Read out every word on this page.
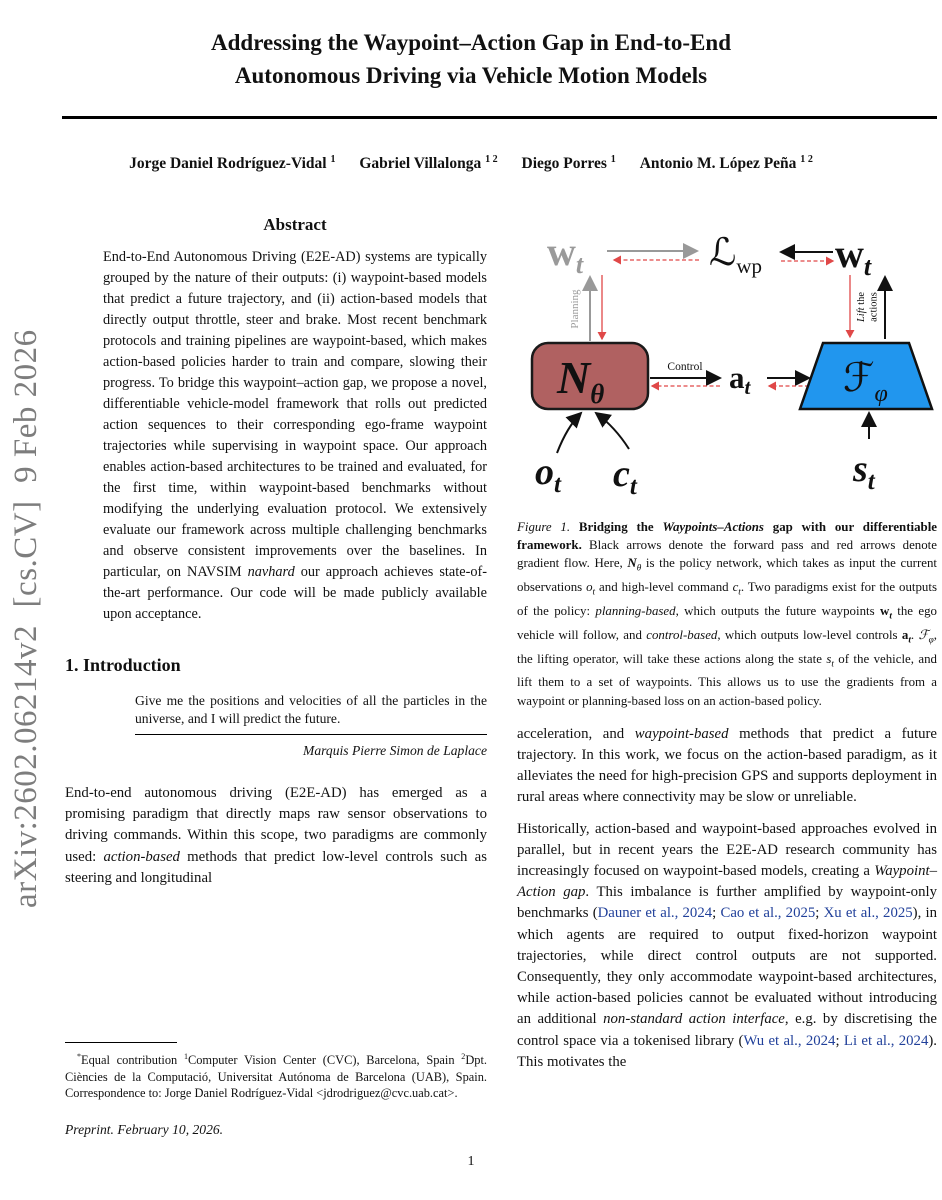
arXiv:2602.06214v2  [cs.CV]  9 Feb 2026
Addressing the Waypoint–Action Gap in End-to-End
Autonomous Driving via Vehicle Motion Models
Jorge Daniel Rodríguez-Vidal $^1$ Gabriel Villalonga $^{1 2}$ Diego Porres $^1$ Antonio M. López Peña $^{1 2}$
Abstract
End-to-End Autonomous Driving (E2E-AD) systems are typically grouped by the nature of their outputs: (i) waypoint-based models that predict a future trajectory, and (ii) action-based models that directly output throttle, steer and brake. Most recent benchmark protocols and training pipelines are waypoint-based, which makes action-based policies harder to train and compare, slowing their progress. To bridge this waypoint–action gap, we propose a novel, differentiable vehicle-model framework that rolls out predicted action sequences to their corresponding ego-frame waypoint trajectories while supervising in waypoint space. Our approach enables action-based architectures to be trained and evaluated, for the first time, within waypoint-based benchmarks without modifying the underlying evaluation protocol. We extensively evaluate our framework across multiple challenging benchmarks and observe consistent improvements over the baselines. In particular, on NAVSIM navhard our approach achieves state-of-the-art performance. Our code will be made publicly available upon acceptance.
1. Introduction
Give me the positions and velocities of all the particles in the universe, and I will predict the future.
Marquis Pierre Simon de Laplace

End-to-end autonomous driving (E2E-AD) has emerged as a promising paradigm that directly maps raw sensor observations to driving commands. Within this scope, two paradigms are commonly used: action-based methods that predict low-level controls such as steering and longitudinal

$w_t$	ℒ$_{wp}$ $w_t$
Planning
$N_\theta$
Control at ℱ$_\varphi$
Lift the actions
$o_t$ $c_t$	$s_t$
Figure 1. Bridging the Waypoints–Actions gap with our differentiable framework. Black arrows denote the forward pass and red arrows denote gradient flow. Here, $N_\theta$ is the policy network, which takes as input the current observations $o_t$ and high-level command $c_t$. Two paradigms exist for the outputs of the policy: planning-based, which outputs the future waypoints $w_t$ the ego vehicle will follow, and control-based, which outputs low-level controls $a_t$. ℱ$_\varphi$, the lifting operator, will take these actions along the state $s_t$ of the vehicle, and lift them to a set of waypoints. This allows us to use the gradients from a waypoint or planning-based loss on an action-based policy.

acceleration, and waypoint-based methods that predict a future trajectory. In this work, we focus on the action-based paradigm, as it alleviates the need for high-precision GPS and supports deployment in rural areas where connectivity may be slow or unreliable.

Historically, action-based and waypoint-based approaches evolved in parallel, but in recent years the E2E-AD research community has increasingly focused on waypoint-based models, creating a Waypoint–Action gap. This imbalance is further amplified by waypoint-only benchmarks (Dauner et al., 2024; Cao et al., 2025; Xu et al., 2025), in which agents are required to output fixed-horizon waypoint trajectories, while direct control outputs are not supported. Consequently, they only accommodate waypoint-based architectures, while action-based policies cannot be evaluated without introducing an additional non-standard action interface, e.g. by discretising the control space via a tokenised library (Wu et al., 2024; Li et al., 2024). This motivates the

*Equal contribution $^1$Computer Vision Center (CVC), Barcelona, Spain $^2$Dpt. Ciències de la Computació, Universitat Autónoma de Barcelona (UAB), Spain. Correspondence to: Jorge Daniel Rodríguez-Vidal <jdrodriguez@cvc.uab.cat>.
Preprint. February 10, 2026.
1
